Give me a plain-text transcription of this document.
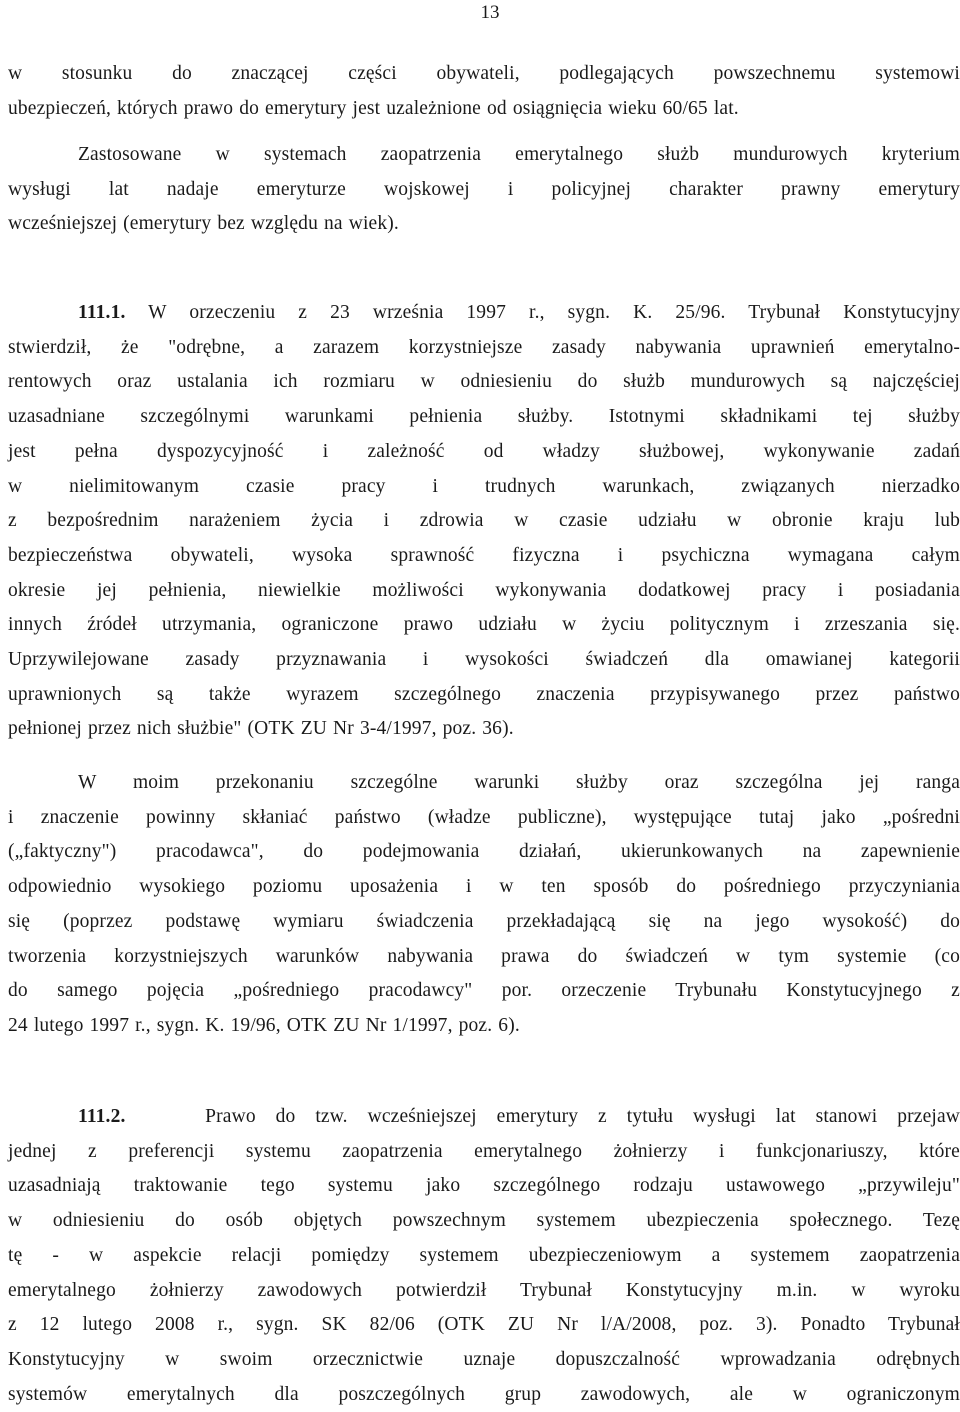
13
w stosunku do znaczącej części obywateli, podlegających powszechnemu systemowi
ubezpieczeń, których prawo do emerytury jest uzależnione od osiągnięcia wieku 60/65 lat.
Zastosowane w systemach zaopatrzenia emerytalnego służb mundurowych kryterium
wysługi lat nadaje emeryturze wojskowej i policyjnej charakter prawny emerytury
wcześniejszej (emerytury bez względu na wiek).
111.1. W orzeczeniu z 23 września 1997 r., sygn. K. 25/96. Trybunał Konstytucyjny
stwierdził, że "odrębne, a zarazem korzystniejsze zasady nabywania uprawnień emerytalno-
rentowych oraz ustalania ich rozmiaru w odniesieniu do służb mundurowych są najczęściej
uzasadniane szczególnymi warunkami pełnienia służby. Istotnymi składnikami tej służby
jest pełna dyspozycyjność i zależność od władzy służbowej, wykonywanie zadań
w nielimitowanym czasie pracy i trudnych warunkach, związanych nierzadko
z bezpośrednim narażeniem życia i zdrowia w czasie udziału w obronie kraju lub
bezpieczeństwa obywateli, wysoka sprawność fizyczna i psychiczna wymagana całym
okresie jej pełnienia, niewielkie możliwości wykonywania dodatkowej pracy i posiadania
innych źródeł utrzymania, ograniczone prawo udziału w życiu politycznym i zrzeszania się.
Uprzywilejowane zasady przyznawania i wysokości świadczeń dla omawianej kategorii
uprawnionych są także wyrazem szczególnego znaczenia przypisywanego przez państwo
pełnionej przez nich służbie" (OTK ZU Nr 3-4/1997, poz. 36).
W moim przekonaniu szczególne warunki służby oraz szczególna jej ranga
i znaczenie powinny skłaniać państwo (władze publiczne), występujące tutaj jako „pośredni
(„faktyczny") pracodawca", do podejmowania działań, ukierunkowanych na zapewnienie
odpowiednio wysokiego poziomu uposażenia i w ten sposób do pośredniego przyczyniania
się (poprzez podstawę wymiaru świadczenia przekładającą się na jego wysokość) do
tworzenia korzystniejszych warunków nabywania prawa do świadczeń w tym systemie (co
do samego pojęcia „pośredniego pracodawcy" por. orzeczenie Trybunału Konstytucyjnego z
24 lutego 1997 r., sygn. K. 19/96, OTK ZU Nr 1/1997, poz. 6).
111.2.	Prawo do tzw. wcześniejszej emerytury z tytułu wysługi lat stanowi przejaw
jednej z preferencji systemu zaopatrzenia emerytalnego żołnierzy i funkcjonariuszy, które
uzasadniają traktowanie tego systemu jako szczególnego rodzaju ustawowego „przywileju"
w odniesieniu do osób objętych powszechnym systemem ubezpieczenia społecznego. Tezę
tę - w aspekcie relacji pomiędzy systemem ubezpieczeniowym a systemem zaopatrzenia
emerytalnego żołnierzy zawodowych potwierdził Trybunał Konstytucyjny m.in. w wyroku
z 12 lutego 2008 r., sygn. SK 82/06 (OTK ZU Nr l/A/2008, poz. 3). Ponadto Trybunał
Konstytucyjny w swoim orzecznictwie uznaje dopuszczalność wprowadzania odrębnych
systemów emerytalnych dla poszczególnych grup zawodowych, ale w ograniczonym
